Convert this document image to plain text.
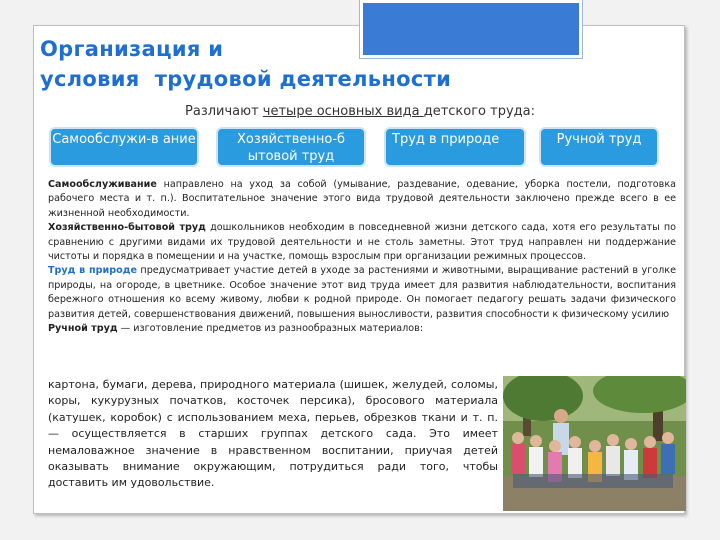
Организация и
условия  трудовой деятельности
Различают четыре основных вида детского труда:
Самообслужи-в ание	Хозяйственно-б ытовой труд
Труд в природе	Ручной труд

Самообслуживание направлено на уход за собой (умывание, раздевание, одевание, уборка постели, подготовка рабочего места и т. п.). Воспитательное значение этого вида трудовой деятельности заключено прежде всего в ее жизненной необходимости.

Хозяйственно-бытовой труд дошкольников необходим в повседневной жизни детского сада, хотя его результаты по сравнению с другими видами их трудовой деятельности и не столь заметны. Этот труд направлен ни поддержание чистоты и порядка в помещении и на участке, помощь взрослым при организации режимных процессов.

Труд в природе предусматривает участие детей в уходе за растениями и животными, выращивание растений в уголке природы, на огороде, в цветнике. Особое значение этот вид труда имеет для развития наблюдательности, воспитания бережного отношения ко всему живому, любви к родной природе. Он помогает педагогу решать задачи физического развития детей, совершенствования движений, повышения выносливости, развития способности к физическому усилию

Ручной труд — изготовление предметов из разнообразных материалов:

картона, бумаги, дерева, природного материала (шишек, желудей, соломы, коры, кукурузных початков, косточек персика), бросового материала (катушек, коробок) с использованием меха, перьев, обрезков ткани и т. п. — осуществляется в старших группах детского сада. Это имеет немаловажное значение в нравственном воспитании, приучая детей оказывать внимание окружающим, потрудиться ради того, чтобы доставить им удовольствие.
